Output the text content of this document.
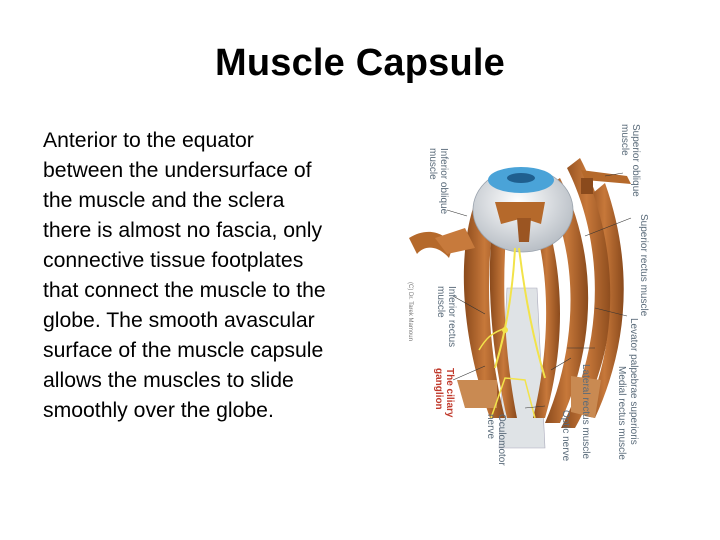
Muscle Capsule
Anterior to the equator
between the undersurface of
the muscle and the sclera
there is almost no fascia, only
connective tissue footplates
that connect the muscle to the
globe. The smooth avascular
surface of the muscle capsule
allows the muscles to slide
smoothly over the globe.
Superior oblique
muscle
Inferior oblique
muscle
Superior rectus muscle
Inferior rectus
muscle
(C) Dr. Tarek Mamoun
Levator palpebrae superioris
Medial rectus muscle
Lateral rectus muscle
The ciliary
ganglion
Optic nerve
Oculomotor
nerve
